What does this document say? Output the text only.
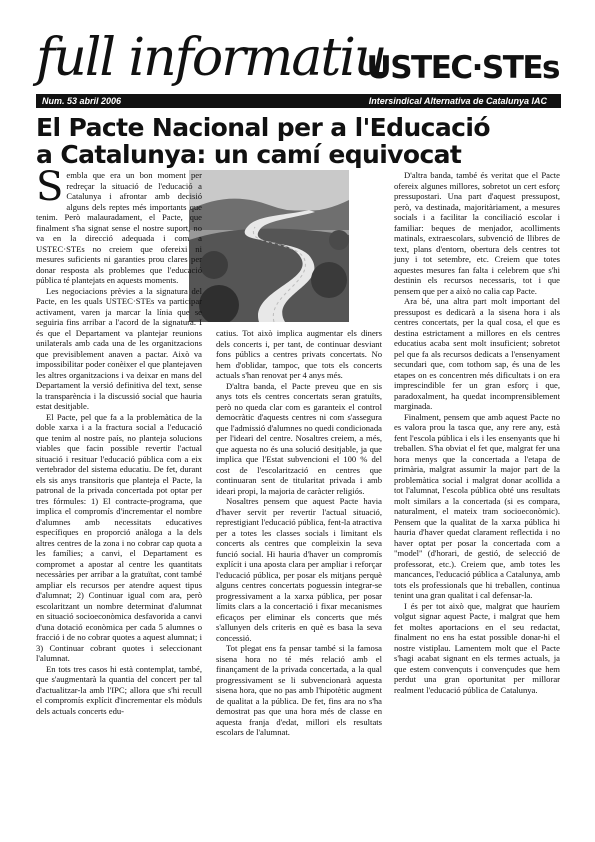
full informatiu
USTEC·STEs
Num. 53 abril 2006	Intersindical Alternativa de Catalunya IAC
El Pacte Nacional per a l'Educació
a Catalunya: un camí equivocat

Sembla que era un bon moment per redreçar la situació de l'educació a Catalunya i afrontar amb decisió alguns dels reptes més importants que tenim. Però malauradament, el Pacte, que finalment s'ha signat sense el nostre suport, no va en la direcció adequada i com a USTEC·STEs no creiem que ofereixi ni mesures suficients ni garanties prou clares per donar resposta als problemes que l'educació pública té plantejats en aquests moments.

Les negociacions prèvies a la signatura del Pacte, en les quals USTEC·STEs va participar activament, varen ja marcar la línia que se seguiria fins arribar a l'acord de la signatura. I és que el Departament va plantejar reunions unilaterals amb cada una de les organitzacions que previsiblement anaven a pactar. Això va impossibilitar poder conèixer el que plantejaven les altres organitzacions i va deixar en mans del Departament la versió definitiva del text, sense la transparència i la discussió social que hauria estat desitjable.

El Pacte, pel que fa a la problemàtica de la doble xarxa i a la fractura social a l'educació que tenim al nostre país, no planteja solucions viables que facin possible revertir l'actual situació i resituar l'educació pública com a eix vertebrador del sistema educatiu. De fet, durant els sis anys transitoris que planteja el Pacte, la patronal de la privada concertada pot optar per tres fórmules: 1) El contracte-programa, que implica el compromís d'incrementar el nombre d'alumnes amb necessitats educatives específiques en proporció anàloga a la dels altres centres de la zona i no cobrar cap quota a les famílies; a canvi, el Departament es compromet a apostar al centre les quantitats necessàries per arribar a la gratuïtat, cont també ampliar els recursos per atendre aquest tipus d'alumnat; 2) Continuar igual com ara, però escolaritzant un nombre determinat d'alumnat en situació socioeconòmica desfavorida a canvi d'una dotació econòmica per cada 5 alumnes o fracció i de no cobrar quotes a aquest alumnat; i 3) Continuar cobrant quotes i seleccionant l'alumnat.

En tots tres casos hi està contemplat, també, que s'augmentarà la quantia del concert per tal d'actualitzar-la amb l'IPC; allora que s'hi recull el compromís explícit d'incrementar els mòduls dels actuals concerts edu-

catius. Tot això implica augmentar els diners dels concerts i, per tant, de continuar desviant fons públics a centres privats concertats. No hem d'oblidar, tampoc, que tots els concerts actuals s'han renovat per 4 anys més.

D'altra banda, el Pacte preveu que en sis anys tots els centres concertats seran gratuïts, però no queda clar com es garanteix el control democràtic d'aquests centres ni com s'assegura que l'admissió d'alumnes no quedi condicionada per l'ideari del centre. Nosaltres creiem, a més, que aquesta no és una solució desitjable, ja que implica que l'Estat subvencioni el 100 % del cost de l'escolarització en centres que continuaran sent de titularitat privada i amb ideari propi, la majoria de caràcter religiós.

Nosaltres pensem que aquest Pacte havia d'haver servit per revertir l'actual situació, represtigiant l'educació pública, fent-la atractiva per a totes les classes socials i limitant els concerts als centres que compleixin la seva funció social. Hi hauria d'haver un compromís explícit i una aposta clara per ampliar i reforçar l'educació pública, per posar els mitjans perquè alguns centres concertats poguessin integrar-se progressivament a la xarxa pública, per posar límits clars a la concertació i fixar mecanismes eficaços per eliminar els concerts que més s'allunyen dels criteris en què es basa la seva concessió.

Tot plegat ens fa pensar també si la famosa sisena hora no té més relació amb el finançament de la privada concertada, a la qual progressivament se li subvencionarà aquesta sisena hora, que no pas amb l'hipotètic augment de qualitat a la pública. De fet, fins ara no s'ha demostrat pas que una hora més de classe en aquesta franja d'edat, millori els resultats escolars de l'alumnat.

D'altra banda, també és veritat que el Pacte ofereix algunes millores, sobretot un cert esforç pressupostari. Una part d'aquest pressupost, però, va destinada, majoritàriament, a mesures socials i a facilitar la conciliació escolar i familiar: beques de menjador, acolliments matinals, extraescolars, subvenció de llibres de text, plans d'entorn, obertura dels centres tot juny i tot setembre, etc. Creiem que totes aquestes mesures fan falta i celebrem que s'hi destinin els recursos necessaris, tot i que pensem que per a això no calia cap Pacte.

Ara bé, una altra part molt important del pressupost es dedicarà a la sisena hora i als centres concertats, per la qual cosa, el que es destina estrictament a millores en els centres educatius acaba sent molt insuficient; sobretot pel que fa als recursos dedicats a l'ensenyament secundari que, com tothom sap, és una de les etapes on es concentren més dificultats i on era imprescindible fer un gran esforç i que, paradoxalment, ha quedat incomprensiblement marginada.

Finalment, pensem que amb aquest Pacte no es valora prou la tasca que, any rere any, està fent l'escola pública i els i les ensenyants que hi treballen. S'ha obviat el fet que, malgrat fer una hora menys que la concertada a l'etapa de primària, malgrat assumir la major part de la problemàtica social i malgrat donar acollida a tot l'alumnat, l'escola pública obté uns resultats molt similars a la concertada (si es compara, naturalment, el mateix tram socioeconòmic). Pensem que la qualitat de la xarxa pública hi hauria d'haver quedat clarament reflectida i no haver optat per posar la concertada com a "model" (d'horari, de gestió, de selecció de professorat, etc.). Creiem que, amb totes les mancances, l'educació pública a Catalunya, amb tots els professionals que hi treballen, continua tenint una gran qualitat i cal defensar-la.

I és per tot això que, malgrat que hauríem volgut signar aquest Pacte, i malgrat que hem fet moltes aportacions en el seu redactat, finalment no ens ha estat possible donar-hi el nostre vistiplau. Lamentem molt que el Pacte s'hagi acabat signant en els termes actuals, ja que estem convençuts i convençudes que hem perdut una gran oportunitat per millorar realment l'educació pública de Catalunya.
